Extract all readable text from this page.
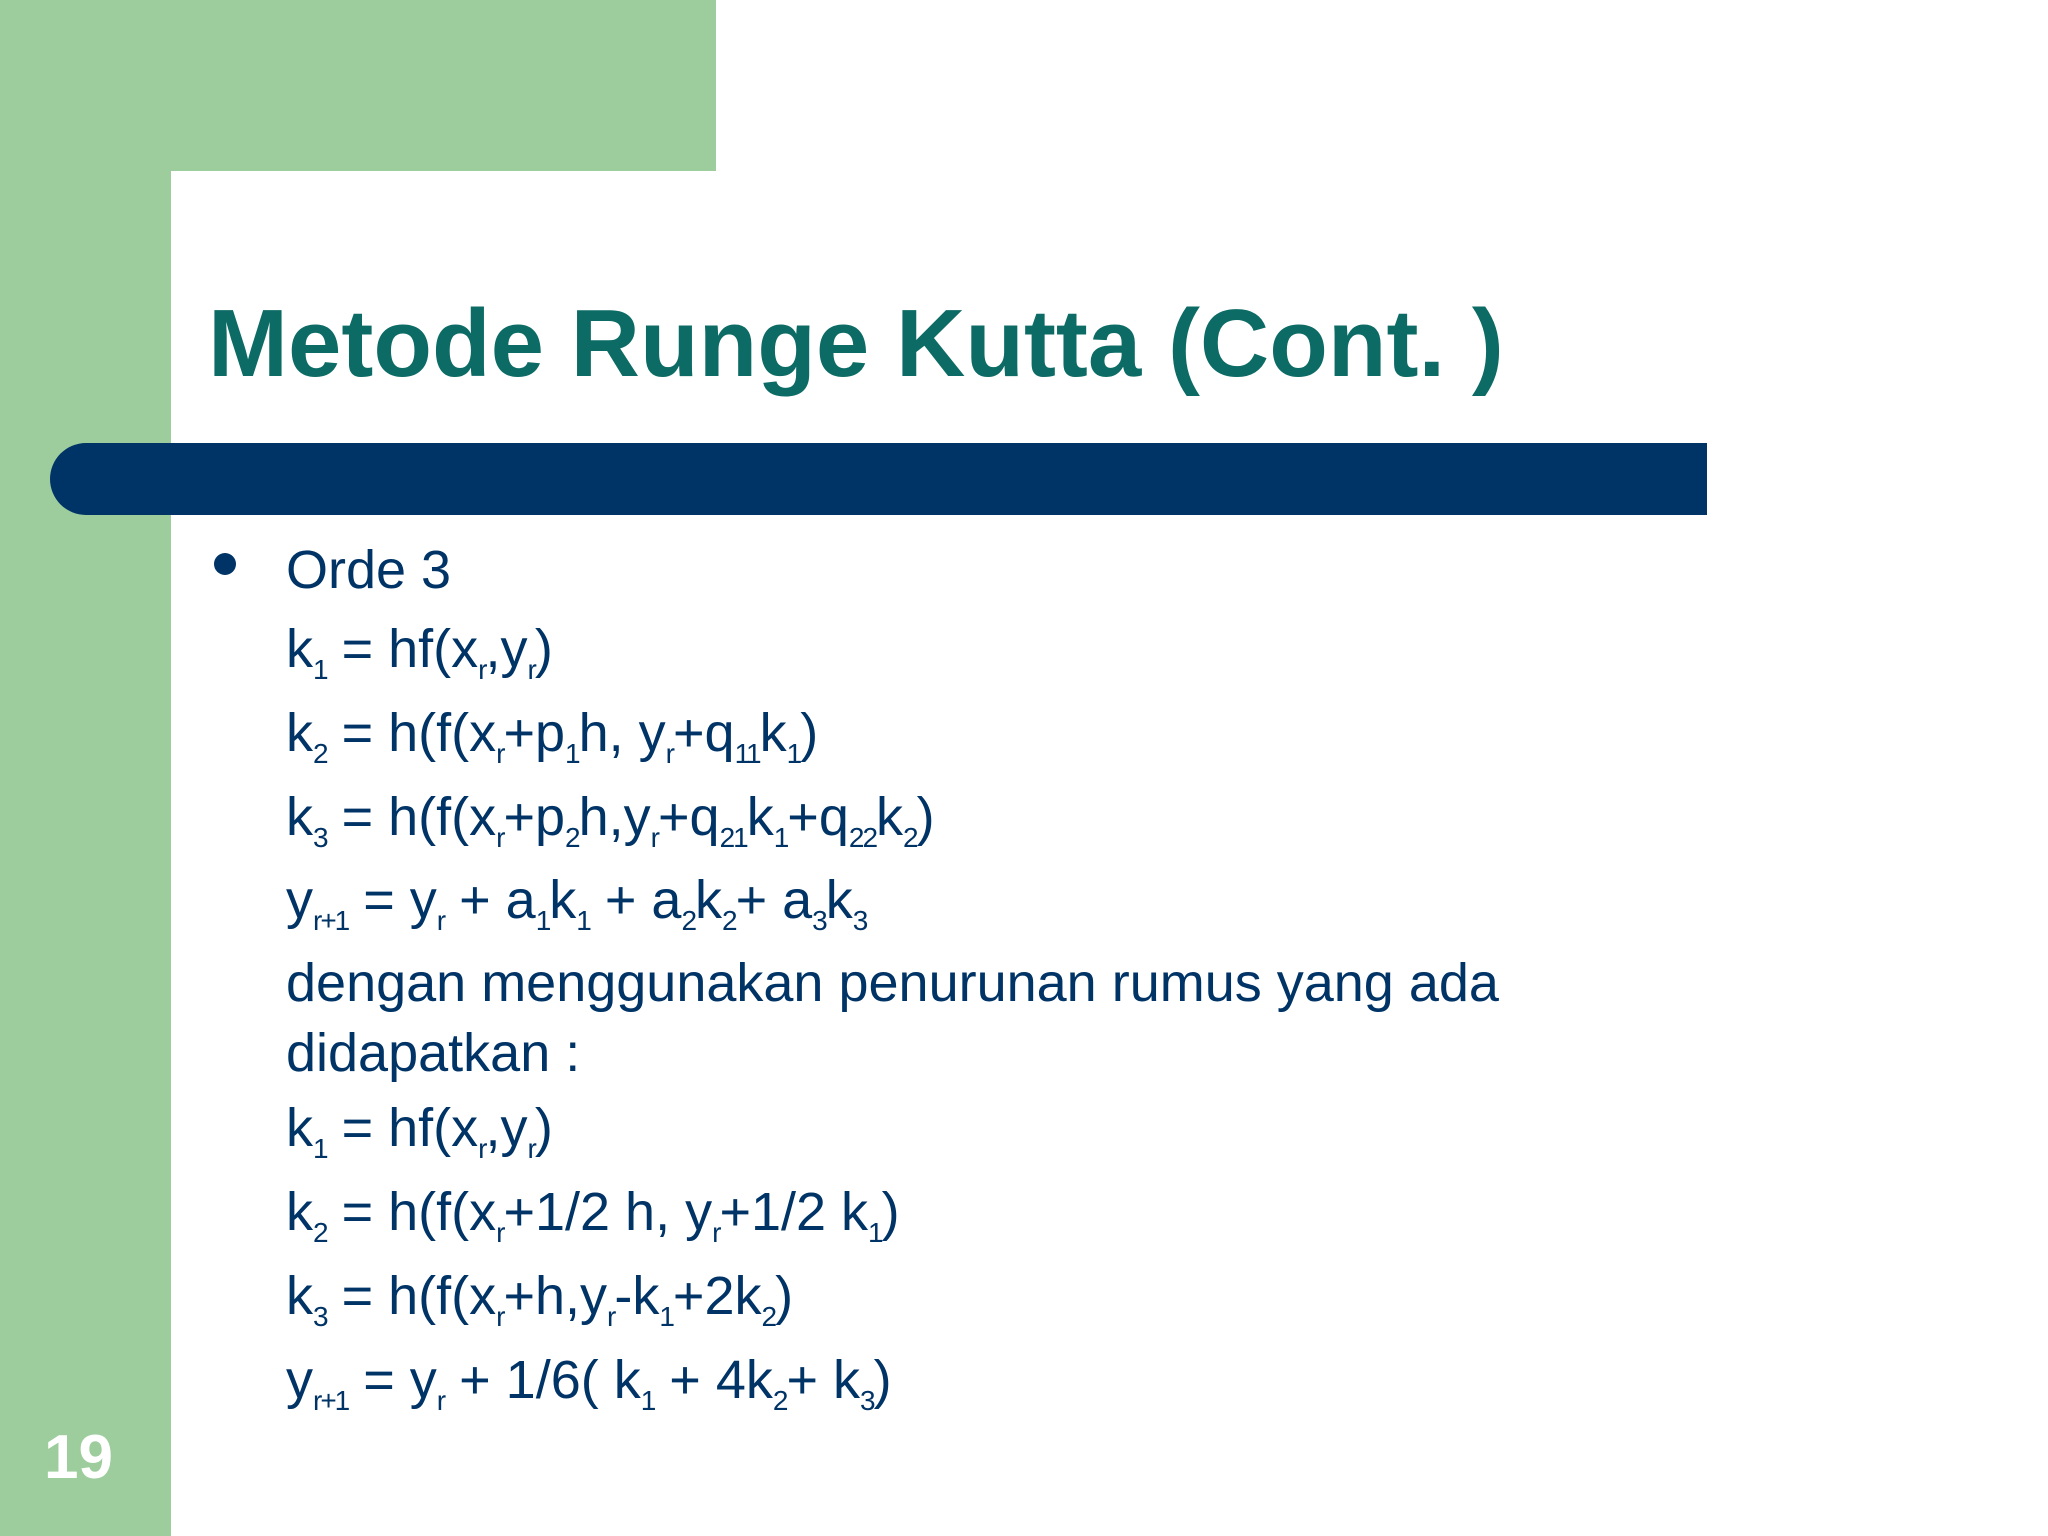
Metode Runge Kutta (Cont. )

Orde 3

$k_1 = hf(x_r,y_r)$

$k_2 = h(f(x_r+p_1h$, $y_r+q_{11}k_1$)

$k_3 = h(f(x_r+p_2h,y_r+q_{21}k_1+q_{22}k_2)$

$y_{r+1} = y_r + a_1k_1 + a_2k_2+ a_3k_3$

dengan menggunakan penurunan rumus yang ada

didapatkan :

$k_1 = hf(x_r,y_r)$

$k_2 = h(f(x_r+1/2$ h, $y_r+1/2$ $k_1$)

$k_3 = h(f(x_r+h,y_r-k_1+2k_2)$

$y_{r+1} = y_r + 1/6$( $k_1 + 4k_2+ k_3$)

19
